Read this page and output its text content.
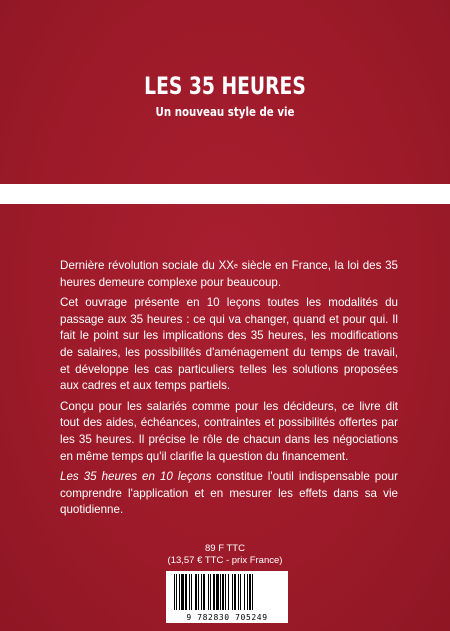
LES 35 HEURES
Un nouveau style de vie

Dernière révolution sociale du XXe siècle en France, la loi des 35 heures demeure complexe pour beaucoup.

Cet ouvrage présente en 10 leçons toutes les modalités du passage aux 35 heures : ce qui va changer, quand et pour qui. Il fait le point sur les implications des 35 heures, les modifications de salaires, les possibilités d'aménagement du temps de travail, et développe les cas particuliers telles les solutions proposées aux cadres et aux temps partiels.

Conçu pour les salariés comme pour les décideurs, ce livre dit tout des aides, échéances, contraintes et possibilités offertes par les 35 heures. Il précise le rôle de chacun dans les négociations en même temps qu'il clarifie la question du financement.

Les 35 heures en 10 leçons constitue l'outil indispensable pour comprendre l'application et en mesurer les effets dans sa vie quotidienne.

89 F TTC
(13,57 € TTC - prix France)
9 782830 705249
